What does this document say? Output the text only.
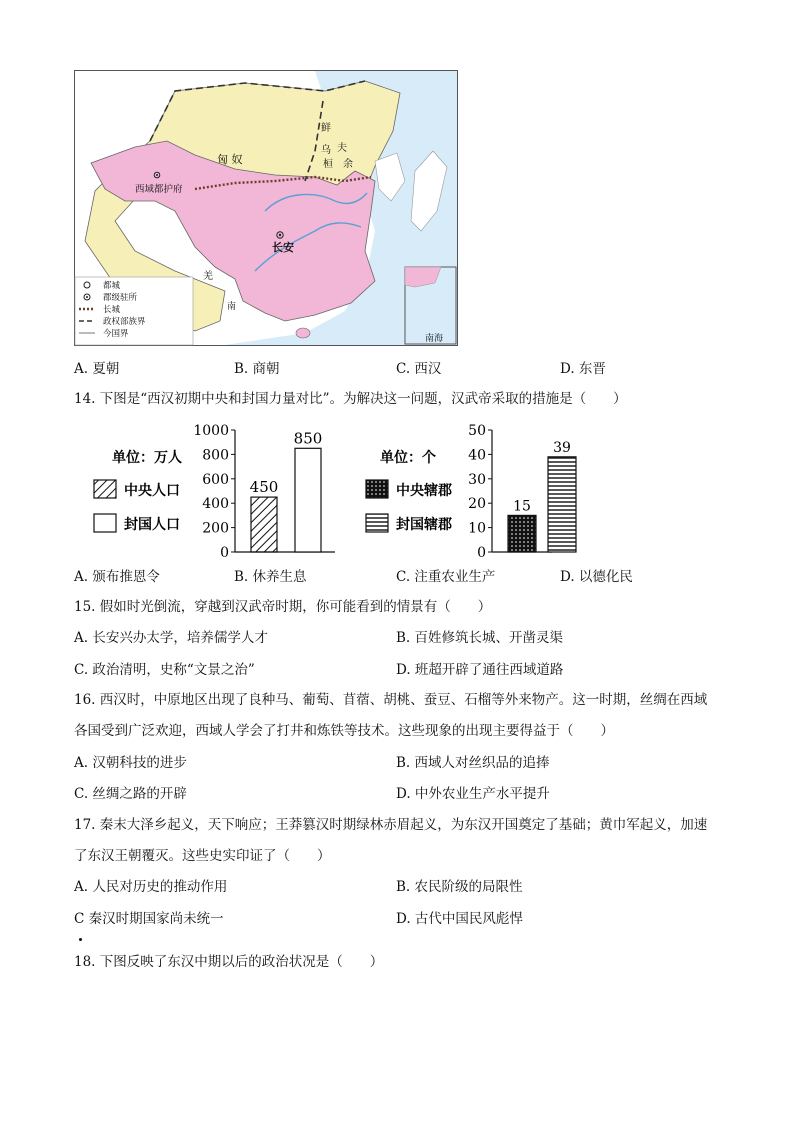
匈 奴
鲜
夫
余
乌
桓
西域都护府
长安
羌
南
南海
都城
郡级驻所
长城
政权部族界
今国界
A. 夏朝	B. 商朝	C. 西汉	D. 东晋
14. 下图是“西汉初期中央和封国力量对比”。为解决这一问题，汉武帝采取的措施是（　　）
单位：万人
中央人口
封国人口
0
200
400
600
800
1000
450
850
单位：个
中央辖郡
封国辖郡
0
10
20
30
40
50
15
39
A. 颁布推恩令	B. 休养生息	C. 注重农业生产	D. 以德化民
15. 假如时光倒流，穿越到汉武帝时期，你可能看到的情景有（　　）
A. 长安兴办太学，培养儒学人才	B. 百姓修筑长城、开凿灵渠
C. 政治清明，史称“文景之治”	D. 班超开辟了通往西域道路
16. 西汉时，中原地区出现了良种马、葡萄、苜蓿、胡桃、蚕豆、石榴等外来物产。这一时期，丝绸在西域
各国受到广泛欢迎，西域人学会了打井和炼铁等技术。这些现象的出现主要得益于（　　）
A. 汉朝科技的进步	B. 西域人对丝织品的追捧
C. 丝绸之路的开辟	D. 中外农业生产水平提升
17. 秦末大泽乡起义，天下响应；王莽篡汉时期绿林赤眉起义，为东汉开国奠定了基础；黄巾军起义，加速
了东汉王朝覆灭。这些史实印证了（　　）
A. 人民对历史的推动作用	B. 农民阶级的局限性
C 秦汉时期国家尚未统一	D. 古代中国民风彪悍
18. 下图反映了东汉中期以后的政治状况是（　　）
